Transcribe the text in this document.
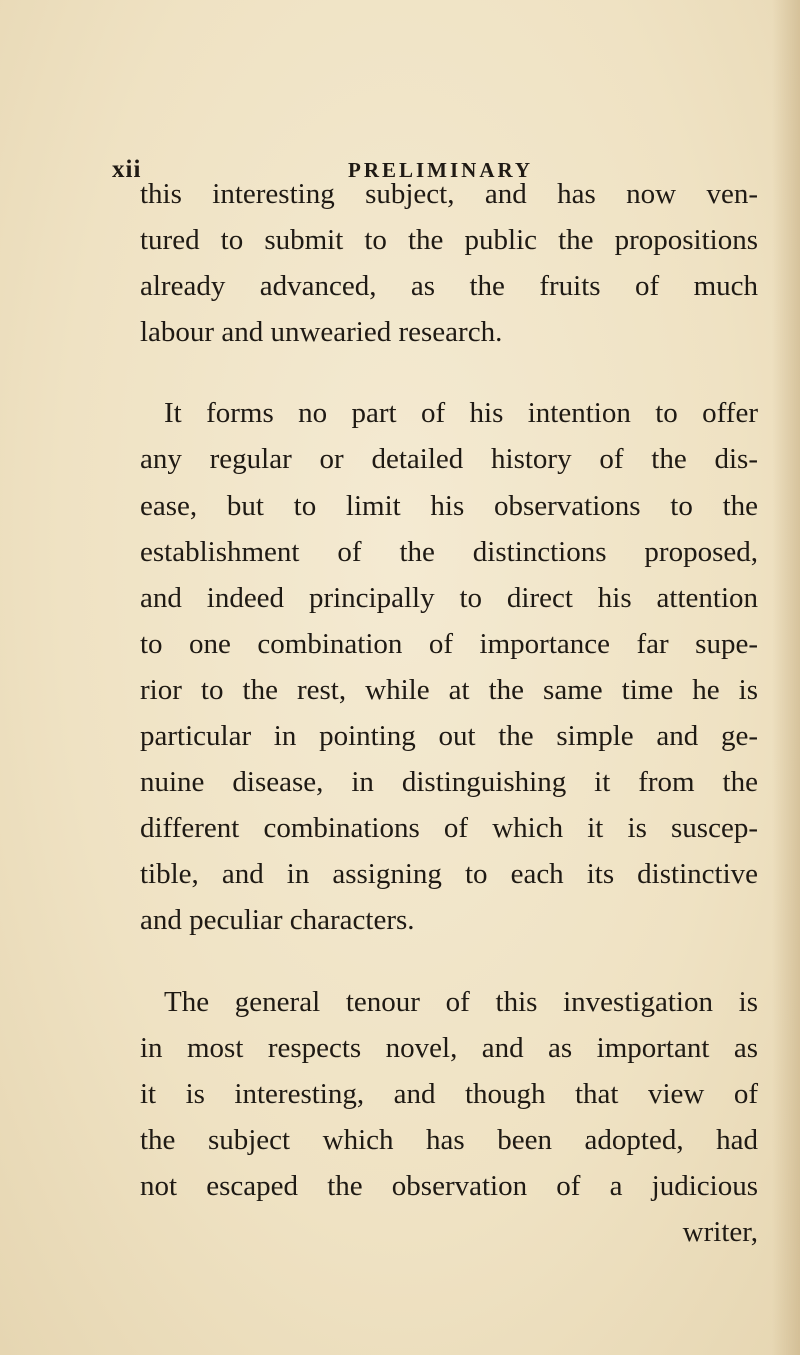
xii	PRELIMINARY
this interesting subject, and has now ven-
tured to submit to the public the propositions
already advanced, as the fruits of much
labour and unwearied research.
It forms no part of his intention to offer
any regular or detailed history of the dis-
ease, but to limit his observations to the
establishment of the distinctions proposed,
and indeed principally to direct his attention
to one combination of importance far supe-
rior to the rest, while at the same time he is
particular in pointing out the simple and ge-
nuine disease, in distinguishing it from the
different combinations of which it is suscep-
tible, and in assigning to each its distinctive
and peculiar characters.
The general tenour of this investigation is
in most respects novel, and as important as
it is interesting, and though that view of
the subject which has been adopted, had
not escaped the observation of a judicious
writer,
